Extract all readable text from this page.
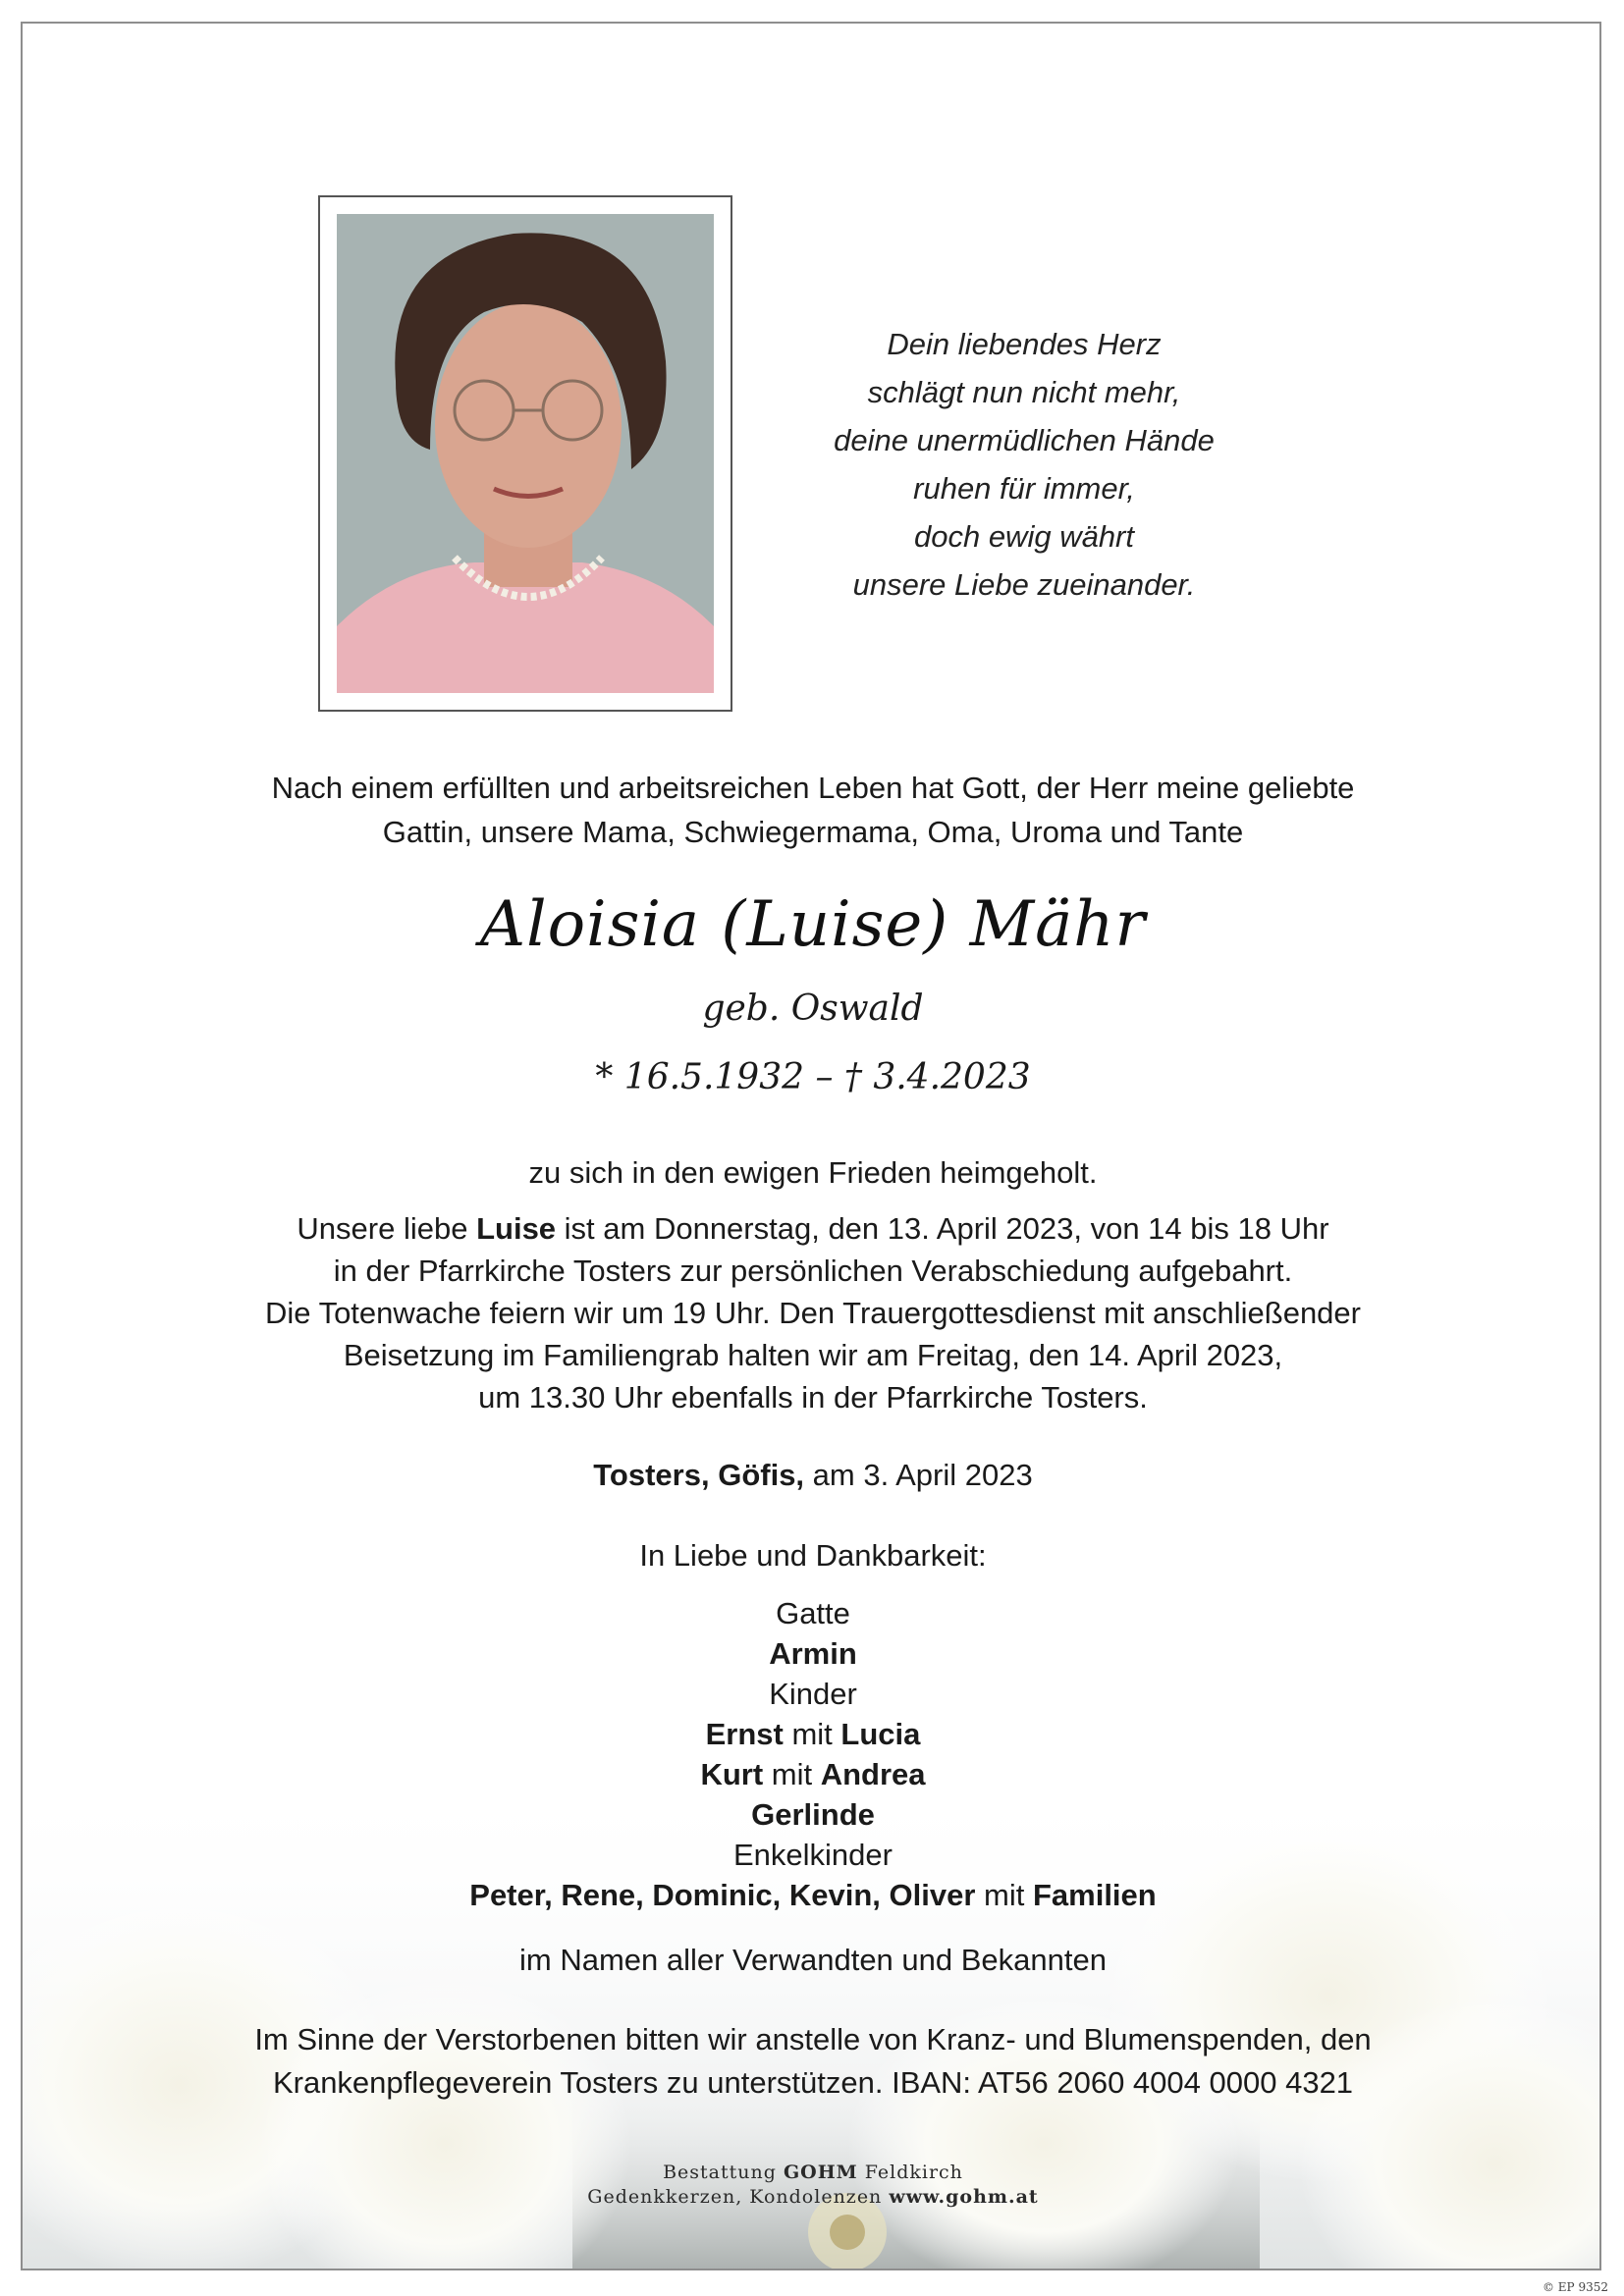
Dein liebendes Herz
schlägt nun nicht mehr,
deine unermüdlichen Hände
ruhen für immer,
doch ewig währt
unsere Liebe zueinander.
Nach einem erfüllten und arbeitsreichen Leben hat Gott, der Herr meine geliebte
Gattin, unsere Mama, Schwiegermama, Oma, Uroma und Tante
Aloisia (Luise) Mähr
geb. Oswald
* 16.5.1932 – † 3.4.2023
zu sich in den ewigen Frieden heimgeholt.
Unsere liebe Luise ist am Donnerstag, den 13. April 2023, von 14 bis 18 Uhr
in der Pfarrkirche Tosters zur persönlichen Verabschiedung aufgebahrt.
Die Totenwache feiern wir um 19 Uhr. Den Trauergottesdienst mit anschließender
Beisetzung im Familiengrab halten wir am Freitag, den 14. April 2023,
um 13.30 Uhr ebenfalls in der Pfarrkirche Tosters.
Tosters, Göfis, am 3. April 2023
In Liebe und Dankbarkeit:
Gatte
Armin
Kinder
Ernst mit Lucia
Kurt mit Andrea
Gerlinde
Enkelkinder
Peter, Rene, Dominic, Kevin, Oliver mit Familien
im Namen aller Verwandten und Bekannten
Im Sinne der Verstorbenen bitten wir anstelle von Kranz- und Blumenspenden, den
Krankenpflegeverein Tosters zu unterstützen. IBAN: AT56 2060 4004 0000 4321
Bestattung GOHM Feldkirch
Gedenkkerzen, Kondolenzen www.gohm.at
© EP 9352
